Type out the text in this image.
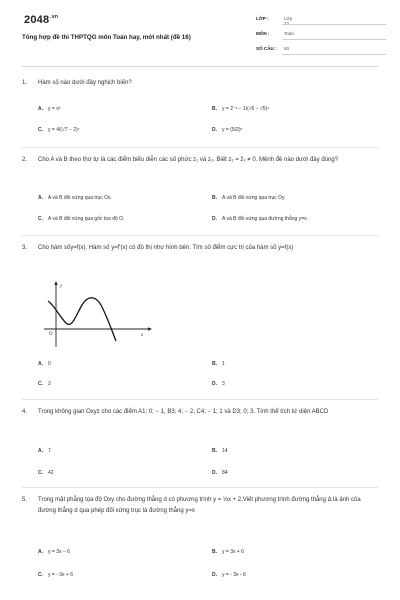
$2048^{.vn}$
Tổng hợp đề thi THPTQG môn Toán hay, mới nhất (đề 16)
LỚP :	Lớp 12
MÔN :	Toán
SỐ CÂU :	50
1. Hàm số nào dưới đây nghịch biến?
A. y = x²	B. y = 2⁻ˣ − 1/(√6 − √5)ˣ
C. y = 4/(√7 − 2)ˣ	D. y = (5/2)ˣ
2. Cho A và B theo thứ tự là các điểm biểu diễn các số phức z₁ và z₂. Biết z₁ = z̄₂ ≠ 0. Mệnh đề nào dưới đây đúng?
A. A và B đối xứng qua trục Ox.	B. A và B đối xứng qua trục Oy.
C. A và B đối xứng qua gốc tọa độ O.	D. A và B đối xứng qua đường thẳng y=x.
3. Cho hàm sốy=f(x). Hàm số y=f'(x) có đồ thị như hình bên. Tìm số điểm cực trị của hàm số y=f(x)
y
x
O
A. 0	B. 1
C. 2	D. 3
4. Trong không gian Oxyz cho các điểm A1; 0; − 1, B3; 4; − 2, C4; − 1; 1 và D3; 0; 3. Tính thể tích tứ diện ABCD
A. 7	B. 14
C. 42	D. 84
5. Trong mặt phẳng tọa độ Oxy cho đường thẳng d có phương trình y = ⅓x + 2.Viết phương trình đường thẳng Δ là ảnh của đường thẳng d qua phép đối xứng trục là đường thẳng y=x
A. y = 3x − 6	B. y = 3x + 6
C. y = - 3x + 6	D. y = - 3x - 6
